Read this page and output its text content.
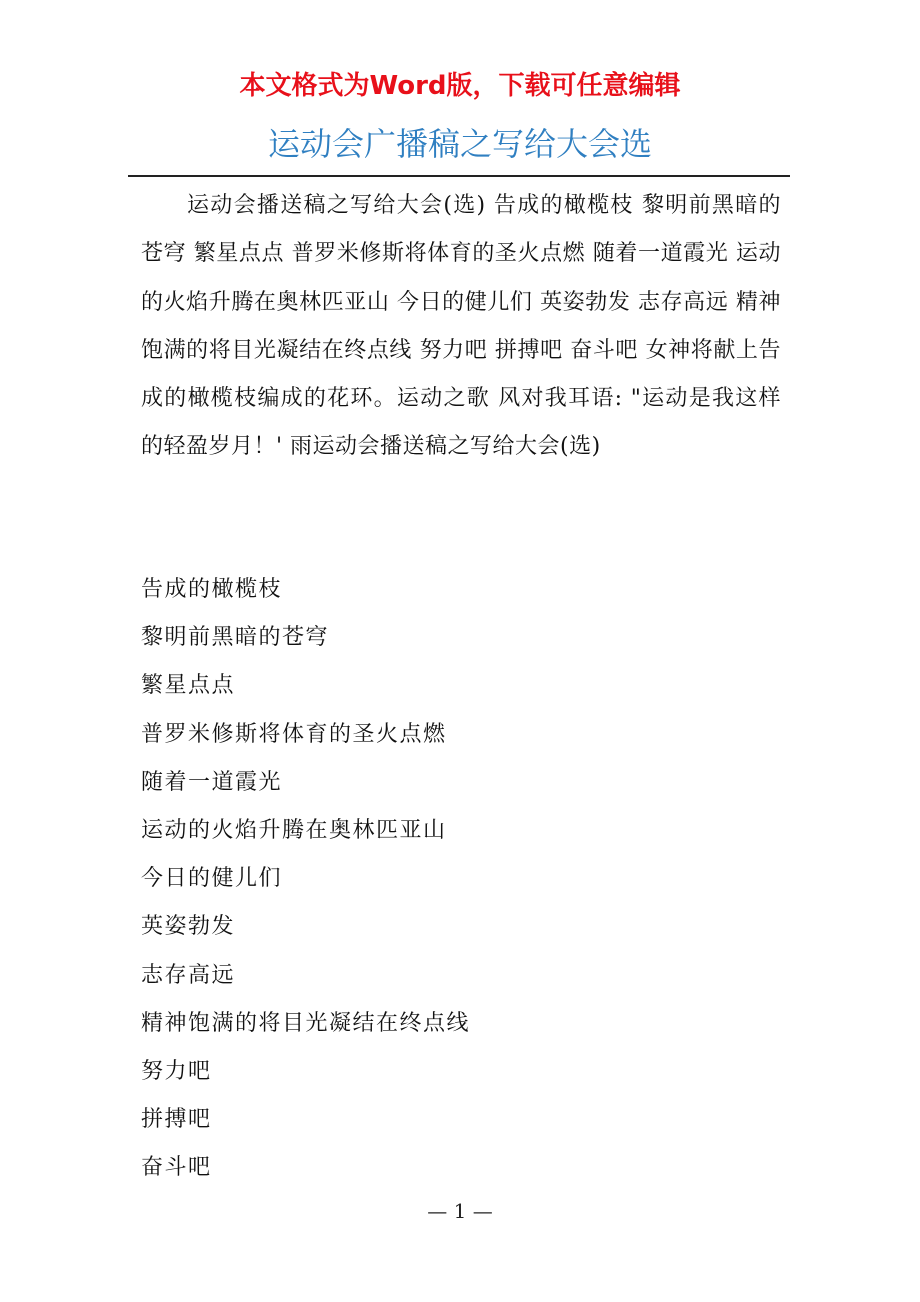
本文格式为Word版，下载可任意编辑
运动会广播稿之写给大会选

运动会播送稿之写给大会(选) 告成的橄榄枝 黎明前黑暗的苍穹 繁星点点 普罗米修斯将体育的圣火点燃 随着一道霞光 运动的火焰升腾在奥林匹亚山 今日的健儿们 英姿勃发 志存高远 精神饱满的将目光凝结在终点线 努力吧 拼搏吧 奋斗吧 女神将献上告成的橄榄枝编成的花环。运动之歌 风对我耳语: "运动是我这样的轻盈岁月！' 雨运动会播送稿之写给大会(选)

告成的橄榄枝
黎明前黑暗的苍穹
繁星点点
普罗米修斯将体育的圣火点燃
随着一道霞光
运动的火焰升腾在奥林匹亚山
今日的健儿们
英姿勃发
志存高远
精神饱满的将目光凝结在终点线
努力吧
拼搏吧
奋斗吧
— 1 —
